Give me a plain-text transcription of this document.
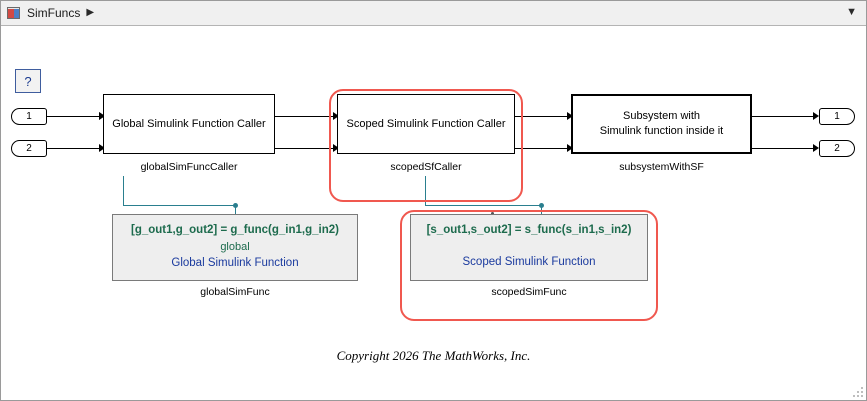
SimFuncs ▶	▼
?
1
2
1
2
Global Simulink Function Caller
globalSimFuncCaller
Scoped Simulink Function Caller
scopedSfCaller
Subsystem with
Simulink function inside it
subsystemWithSF
[g_out1,g_out2] = g_func(g_in1,g_in2)
global
Global Simulink Function
globalSimFunc
[s_out1,s_out2] = s_func(s_in1,s_in2)
Scoped Simulink Function
scopedSimFunc
Copyright 2026 The MathWorks, Inc.
